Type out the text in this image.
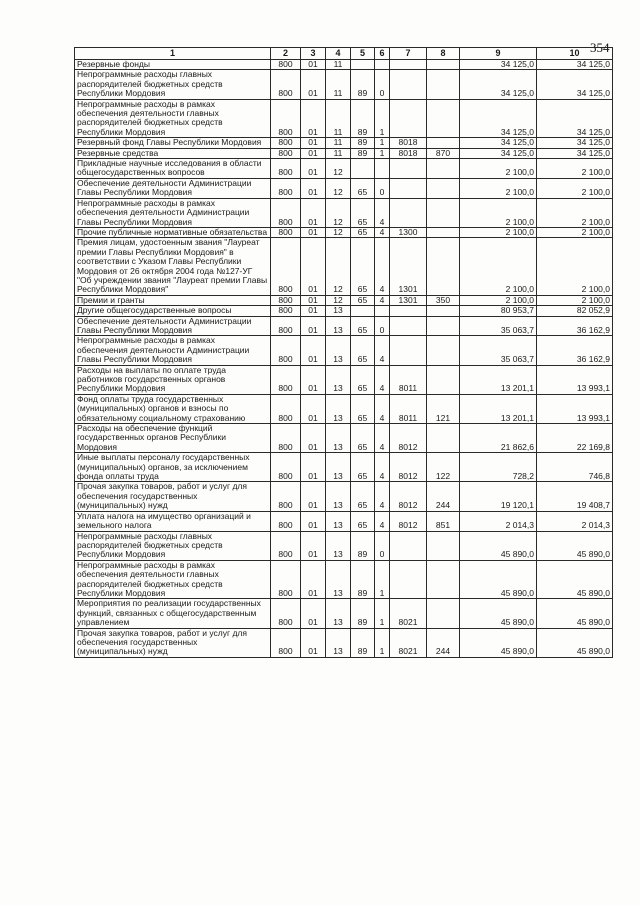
354
1	2	3	4	5	6	7	8	9	10
Резервные фонды	800	01	11					34 125,0	34 125,0
Непрограммные расходы главных распорядителей бюджетных средств Республики Мордовия	800	01	11	89	0			34 125,0	34 125,0
Непрограммные расходы в рамках обеспечения деятельности главных распорядителей бюджетных средств Республики Мордовия	800	01	11	89	1			34 125,0	34 125,0
Резервный фонд Главы Республики Мордовия	800	01	11	89	1	8018		34 125,0	34 125,0
Резервные средства	800	01	11	89	1	8018	870	34 125,0	34 125,0
Прикладные научные исследования в области общегосударственных вопросов	800	01	12					2 100,0	2 100,0
Обеспечение деятельности Администрации Главы Республики Мордовия	800	01	12	65	0			2 100,0	2 100,0
Непрограммные расходы в рамках обеспечения деятельности Администрации Главы Республики Мордовия	800	01	12	65	4			2 100,0	2 100,0
Прочие публичные нормативные обязательства	800	01	12	65	4	1300		2 100,0	2 100,0
Премия лицам, удостоенным звания "Лауреат премии Главы Республики Мордовия" в соответствии с Указом Главы Республики Мордовия от 26 октября 2004 года №127-УГ "Об учреждении звания "Лауреат премии Главы Республики Мордовия"	800	01	12	65	4	1301		2 100,0	2 100,0
Премии и гранты	800	01	12	65	4	1301	350	2 100,0	2 100,0
Другие общегосударственные вопросы	800	01	13					80 953,7	82 052,9
Обеспечение деятельности Администрации Главы Республики Мордовия	800	01	13	65	0			35 063,7	36 162,9
Непрограммные расходы в рамках обеспечения деятельности Администрации Главы Республики Мордовия	800	01	13	65	4			35 063,7	36 162,9
Расходы на выплаты по оплате труда работников государственных органов Республики Мордовия	800	01	13	65	4	8011		13 201,1	13 993,1
Фонд оплаты труда государственных (муниципальных) органов и взносы по обязательному социальному страхованию	800	01	13	65	4	8011	121	13 201,1	13 993,1
Расходы на обеспечение функций государственных органов Республики Мордовия	800	01	13	65	4	8012		21 862,6	22 169,8
Иные выплаты персоналу государственных (муниципальных) органов, за исключением фонда оплаты труда	800	01	13	65	4	8012	122	728,2	746,8
Прочая закупка товаров, работ и услуг для обеспечения государственных (муниципальных) нужд	800	01	13	65	4	8012	244	19 120,1	19 408,7
Уплата налога на имущество организаций и земельного налога	800	01	13	65	4	8012	851	2 014,3	2 014,3
Непрограммные расходы главных распорядителей бюджетных средств Республики Мордовия	800	01	13	89	0			45 890,0	45 890,0
Непрограммные расходы в рамках обеспечения деятельности главных распорядителей бюджетных средств Республики Мордовия	800	01	13	89	1			45 890,0	45 890,0
Мероприятия по реализации государственных функций, связанных с общегосударственным управлением	800	01	13	89	1	8021		45 890,0	45 890,0
Прочая закупка товаров, работ и услуг для обеспечения государственных (муниципальных) нужд	800	01	13	89	1	8021	244	45 890,0	45 890,0
